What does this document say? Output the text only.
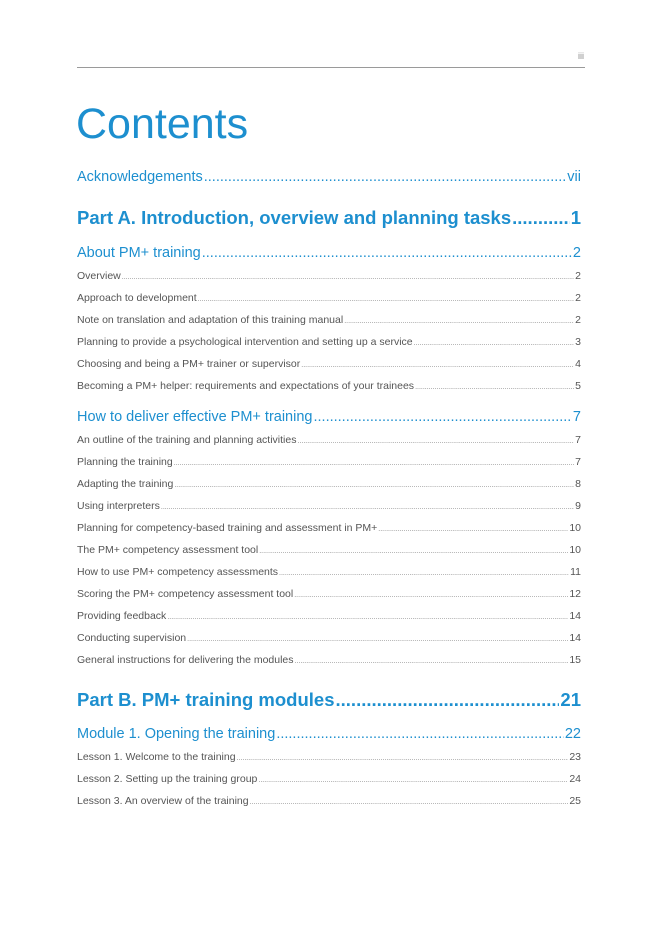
iii
Contents
Acknowledgements .....	vii
Part A. Introduction, overview and planning tasks .....	1
About PM+ training .....	2
Overview .....	2
Approach to development .....	2
Note on translation and adaptation of this training manual .....	2
Planning to provide a psychological intervention and setting up a service .....	3
Choosing and being a PM+ trainer or supervisor .....	4
Becoming a PM+ helper: requirements and expectations of your trainees .....	5
How to deliver effective PM+ training .....	7
An outline of the training and planning activities .....	7
Planning the training .....	7
Adapting the training .....	8
Using interpreters .....	9
Planning for competency-based training and assessment in PM+ .....	10
The PM+ competency assessment tool .....	10
How to use PM+ competency assessments .....	11
Scoring the PM+ competency assessment tool .....	12
Providing feedback .....	14
Conducting supervision .....	14
General instructions for delivering the modules .....	15
Part B. PM+ training modules .....	21
Module 1. Opening the training .....	22
Lesson 1. Welcome to the training .....	23
Lesson 2. Setting up the training group .....	24
Lesson 3. An overview of the training .....	25
